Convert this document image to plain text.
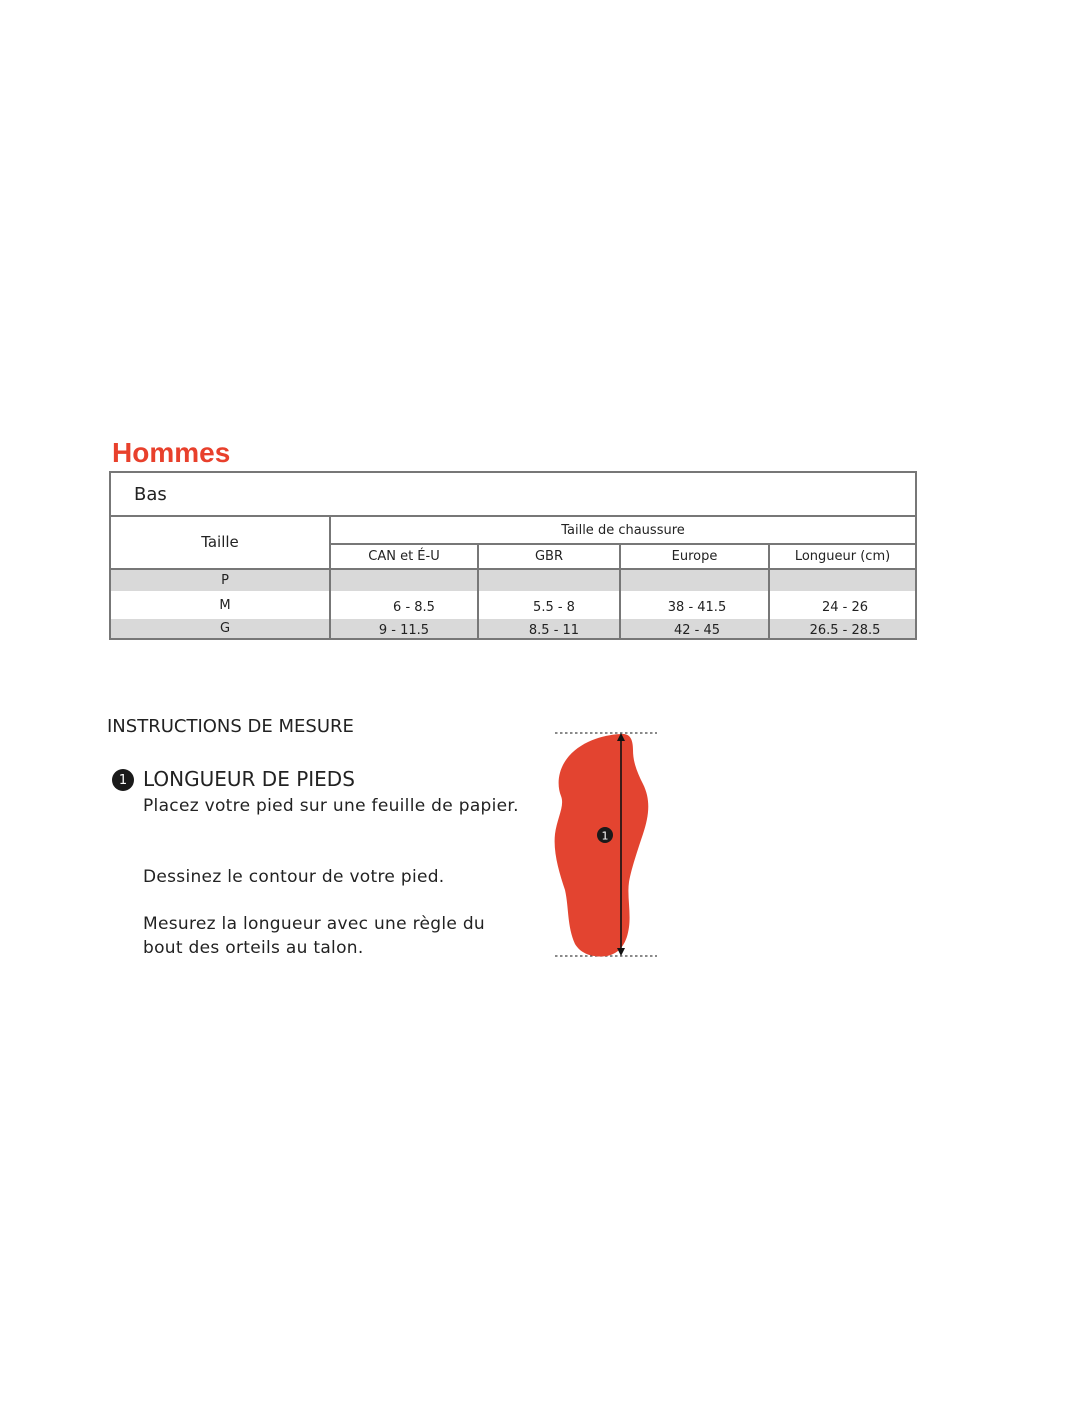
Hommes
Bas
Taille
Taille de chaussure
CAN et É-U	GBR	Europe	Longueur (cm)
P
M	6 - 8.5	5.5 - 8	38 - 41.5	24 - 26
G	9 - 11.5	8.5 - 11	42 - 45	26.5 - 28.5
INSTRUCTIONS DE MESURE
1 LONGUEUR DE PIEDS
Placez votre pied sur une feuille de papier.
Dessinez le contour de votre pied.
Mesurez la longueur avec une règle du bout des orteils au talon.
1
